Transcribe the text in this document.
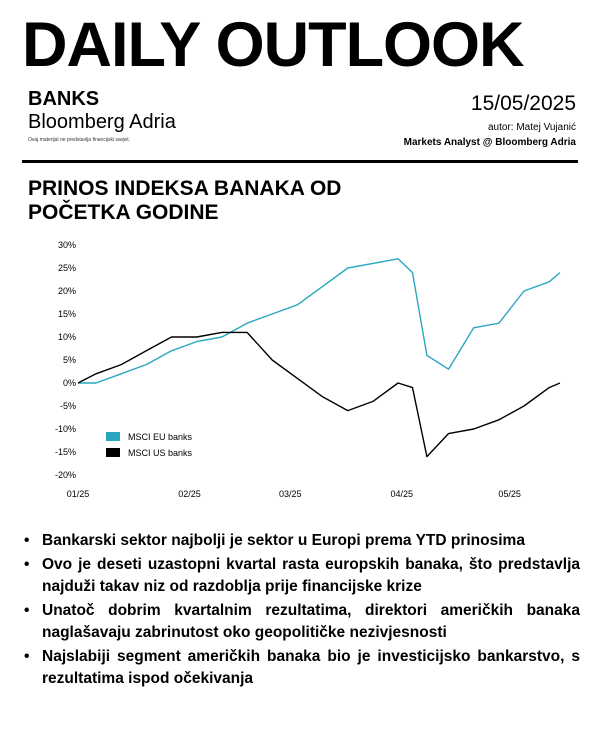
DAILY OUTLOOK
BANKS
Bloomberg Adria
Ovaj materijal ne predstavlja financijski savjet.
15/05/2025
autor: Matej Vujanić
Markets Analyst @ Bloomberg Adria
PRINOS INDEKSA BANAKA OD POČETKA GODINE
30%
25%
20%
15%
10%
5%
0%
-5%
-10%
-15%
-20%
01/25	02/25	03/25	04/25	05/25
MSCI EU banks
MSCI US banks
• Bankarski sektor najbolji je sektor u Europi prema YTD prinosima
• Ovo je deseti uzastopni kvartal rasta europskih banaka, što predstavlja najduži takav niz od razdoblja prije financijske krize
• Unatoč dobrim kvartalnim rezultatima, direktori američkih banaka naglašavaju zabrinutost oko geopolitičke nezivjesnosti
• Najslabiji segment američkih banaka bio je investicijsko bankarstvo, s rezultatima ispod očekivanja
